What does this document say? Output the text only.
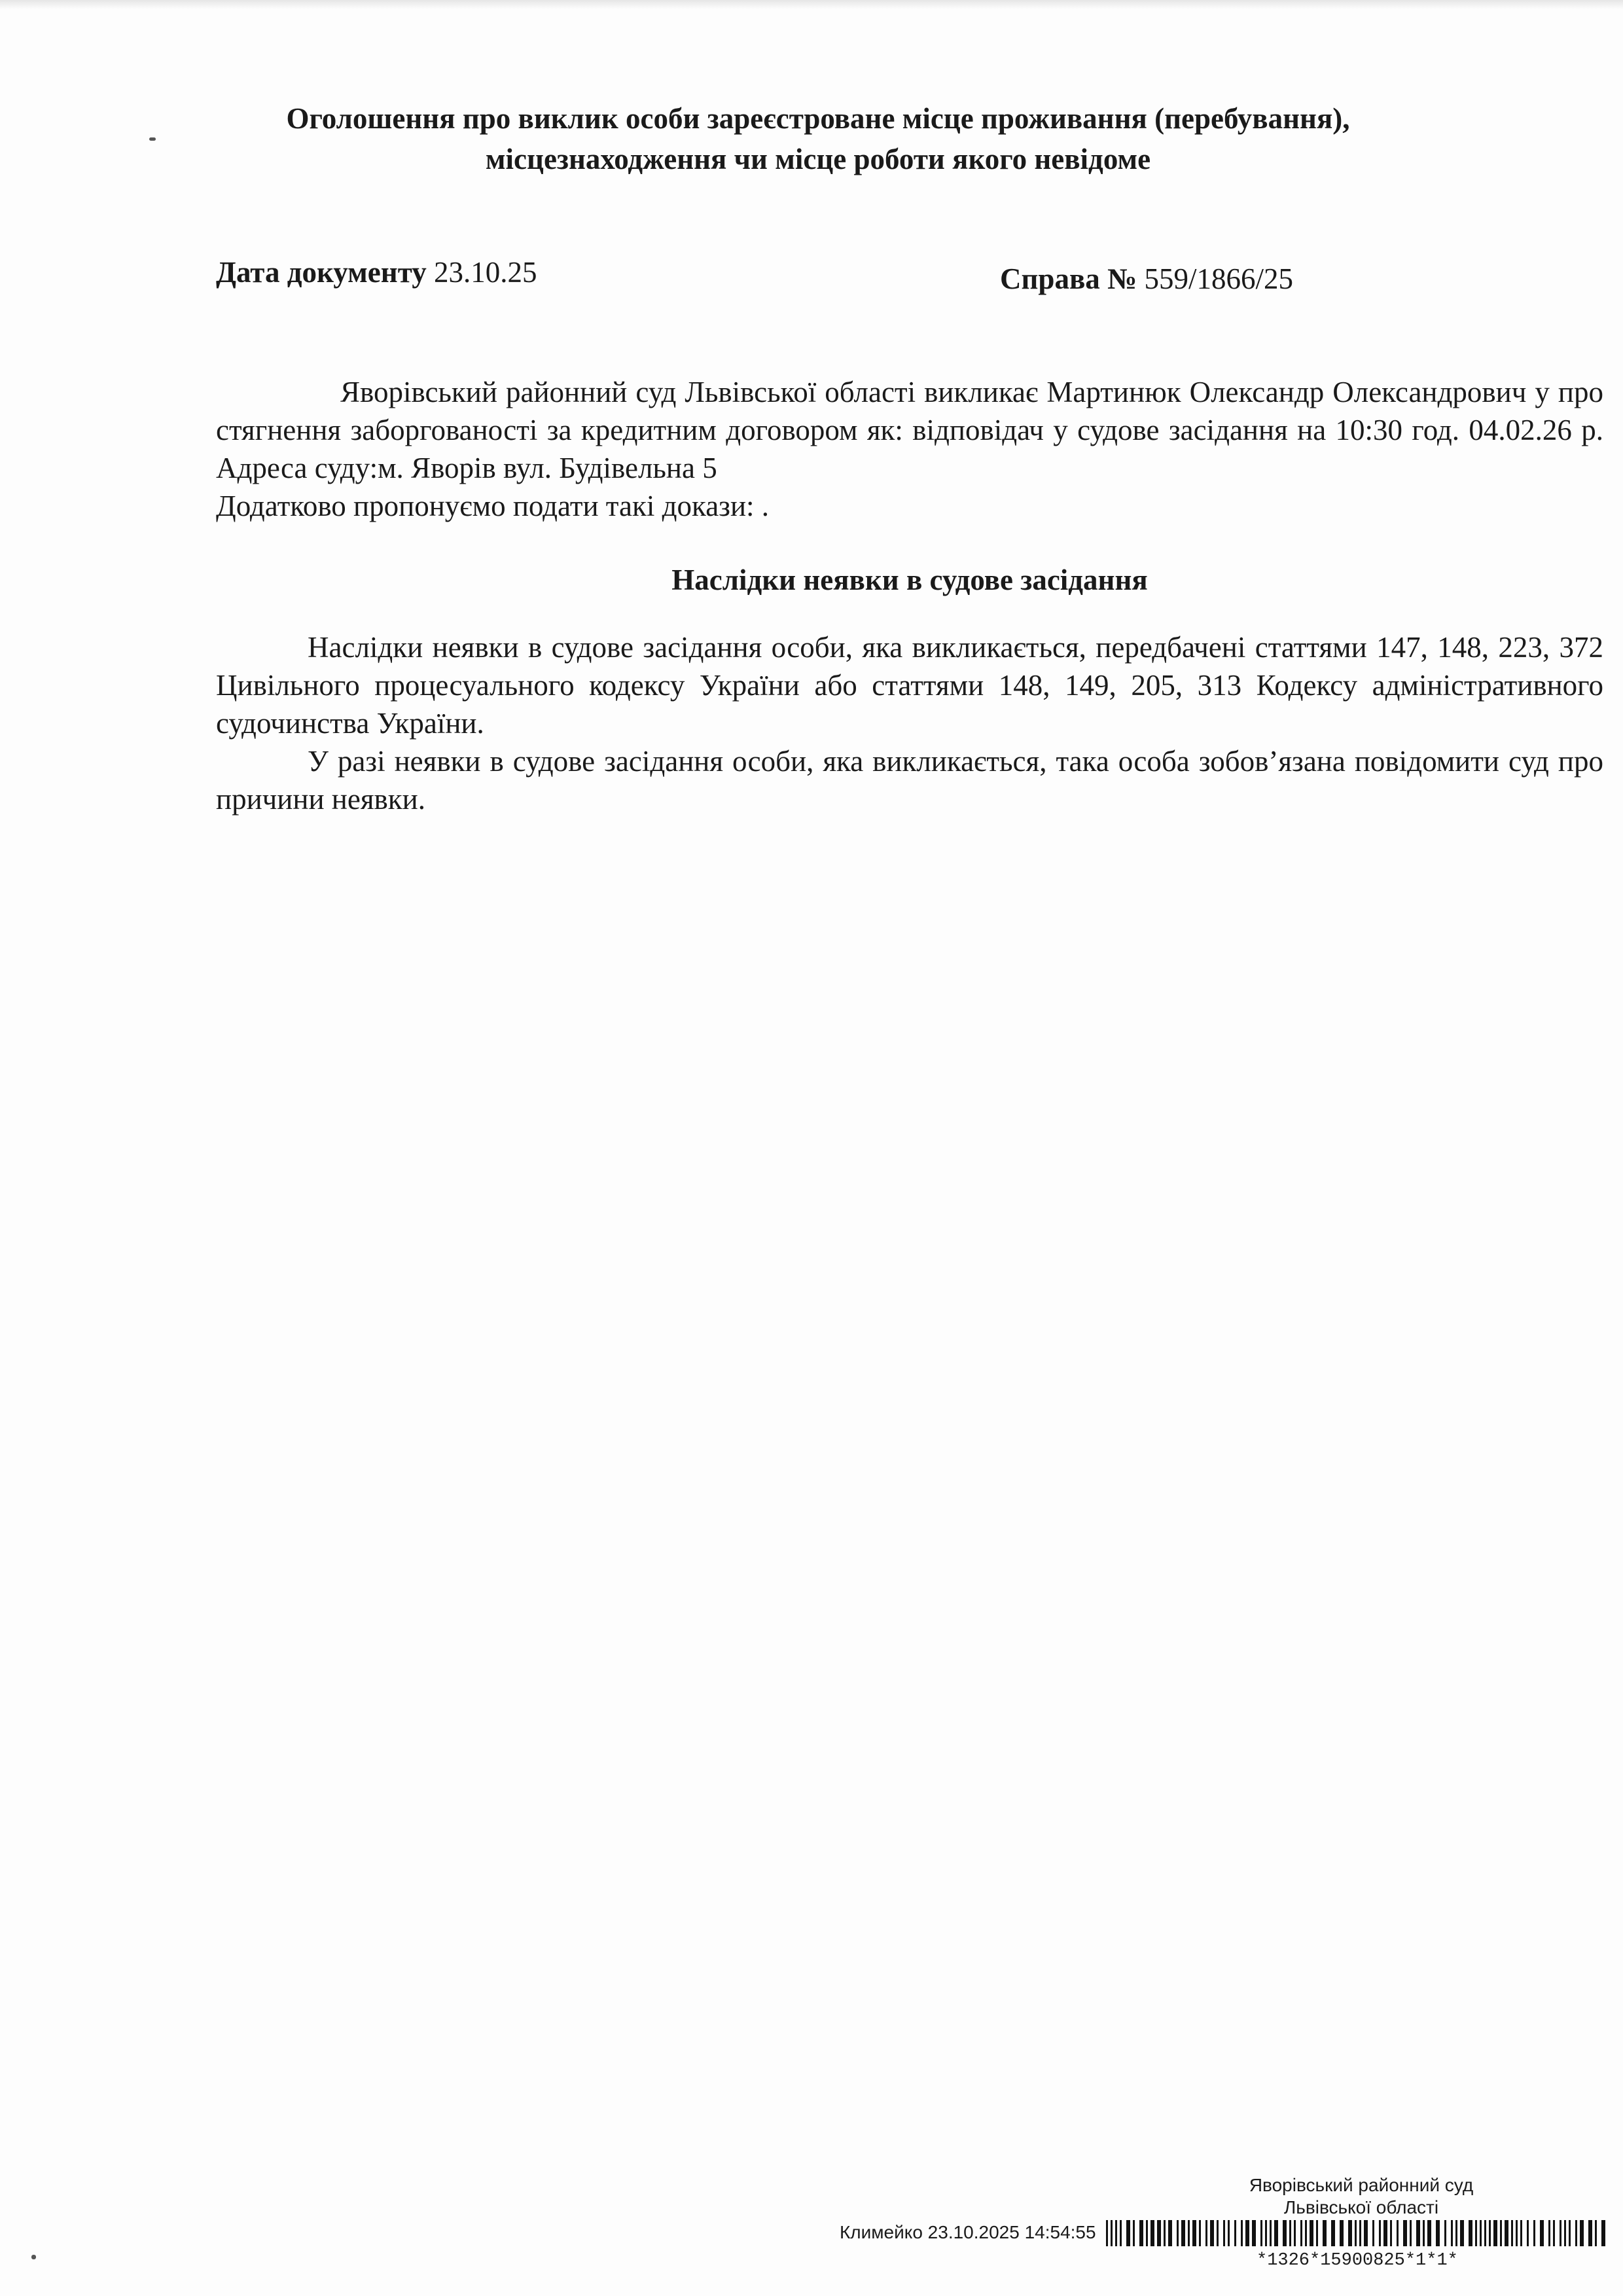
Оголошення про виклик особи зареєстроване місце проживання (перебування),
місцезнаходження чи місце роботи якого невідоме
Дата документу 23.10.25	Справа № 559/1866/25

Яворівський районний суд Львівської області викликає Мартинюк Олександр Олександрович у про стягнення заборгованості за кредитним договором як: відповідач у судове засідання на 10:30 год. 04.02.26 р. Адреса суду:м. Яворів вул. Будівельна 5

Додатково пропонуємо подати такі докази: .

Наслідки неявки в судове засідання

Наслідки неявки в судове засідання особи, яка викликається, передбачені статтями 147, 148, 223, 372 Цивільного процесуального кодексу України або статтями 148, 149, 205, 313 Кодексу адміністративного судочинства України.

У разі неявки в судове засідання особи, яка викликається, така особа зобов’язана повідомити суд про причини неявки.

Яворівський районний суд
Львівської області
Климейко 23.10.2025 14:54:55
*1326*15900825*1*1*
